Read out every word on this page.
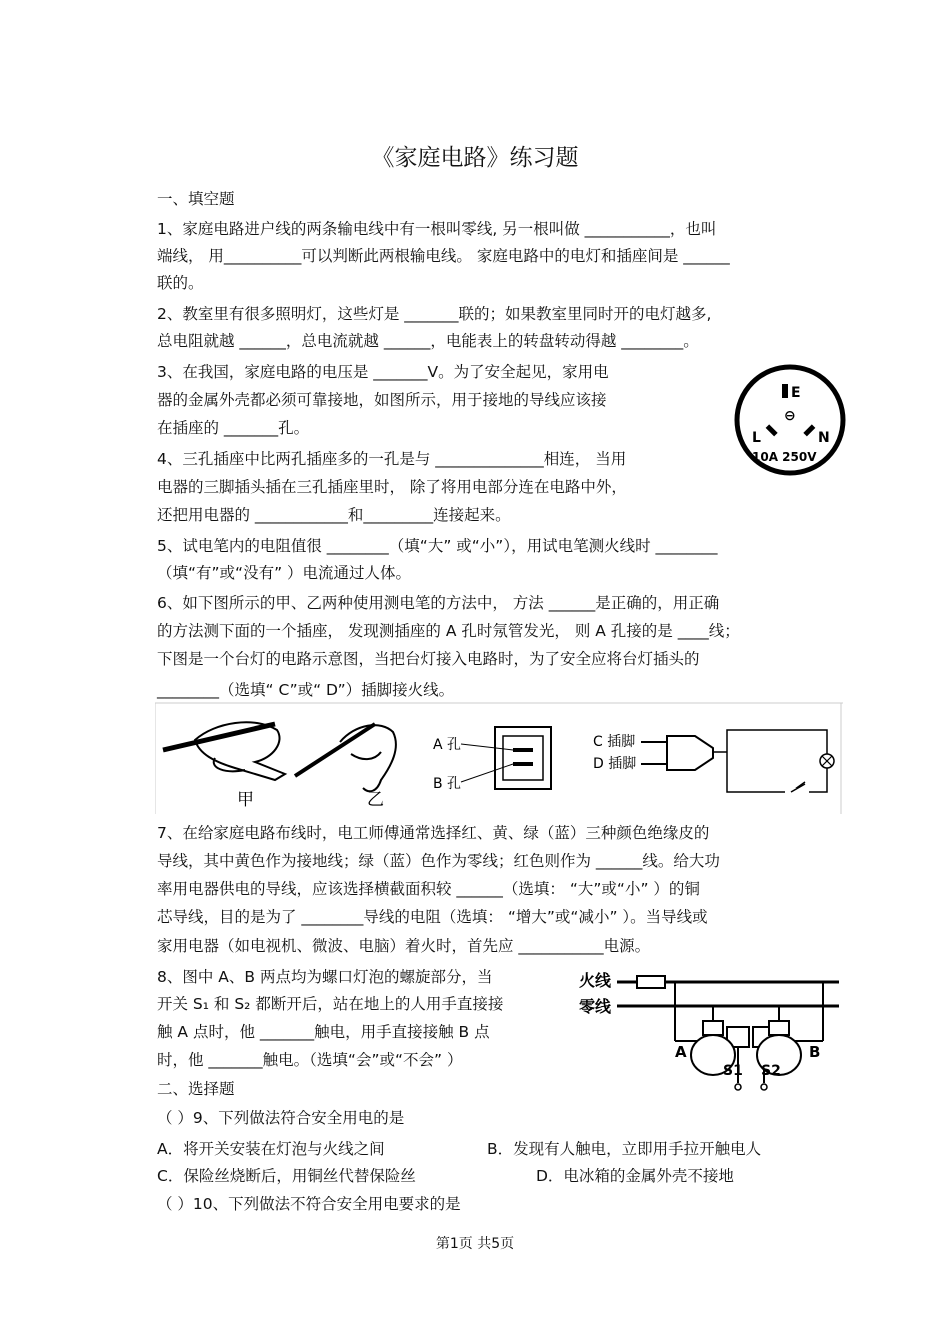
《家庭电路》练习题
一、填空题
1、家庭电路进户线的两条输电线中有一根叫零线, 另一根叫做 ___________，也叫
端线， 用__________可以判断此两根输电线。 家庭电路中的电灯和插座间是 ______
联的。
2、教室里有很多照明灯，这些灯是 _______联的；如果教室里同时开的电灯越多,
总电阻就越 ______，总电流就越 ______，电能表上的转盘转动得越 ________。
3、在我国，家庭电路的电压是 _______V。为了安全起见，家用电
器的金属外壳都必须可靠接地，如图所示，用于接地的导线应该接
在插座的 _______孔。
E
⊖
L	N
10A 250V
4、三孔插座中比两孔插座多的一孔是与 ______________相连， 当用
电器的三脚插头插在三孔插座里时， 除了将用电部分连在电路中外，
还把用电器的 ____________和_________连接起来。
5、试电笔内的电阻值很 ________（填“大” 或“小”），用试电笔测火线时 ________
（填“有”或“没有” ）电流通过人体。
6、如下图所示的甲、乙两种使用测电笔的方法中， 方法 ______是正确的，用正确
的方法测下面的一个插座， 发现测插座的 A 孔时氖管发光， 则 A 孔接的是 ____线；
下图是一个台灯的电路示意图，当把台灯接入电路时，为了安全应将台灯插头的
________（选填“ C”或“ D”）插脚接火线。
甲	乙
A 孔
B 孔
C 插脚
D 插脚
7、在给家庭电路布线时，电工师傅通常选择红、黄、绿（蓝）三种颜色绝缘皮的
导线，其中黄色作为接地线；绿（蓝）色作为零线；红色则作为 ______线。给大功
率用电器供电的导线，应该选择横截面积较 ______（选填： “大”或“小” ）的铜
芯导线，目的是为了 ________导线的电阻（选填： “增大”或“减小” ）。当导线或
家用电器（如电视机、微波、电脑）着火时，首先应 ___________电源。
8、图中 A、B 两点均为螺口灯泡的螺旋部分，当
开关 S₁ 和 S₂ 都断开后，站在地上的人用手直接接
触 A 点时，他 _______触电，用手直接接触 B 点
时，他 _______触电。（选填“会”或“不会” ）
火线
零线
A	B
S1 S2
二、选择题
（ ）9、下列做法符合安全用电的是
A．将开关安装在灯泡与火线之间	B．发现有人触电，立即用手拉开触电人
C．保险丝烧断后，用铜丝代替保险丝	D．电冰箱的金属外壳不接地
（ ）10、下列做法不符合安全用电要求的是
第1页 共5页
